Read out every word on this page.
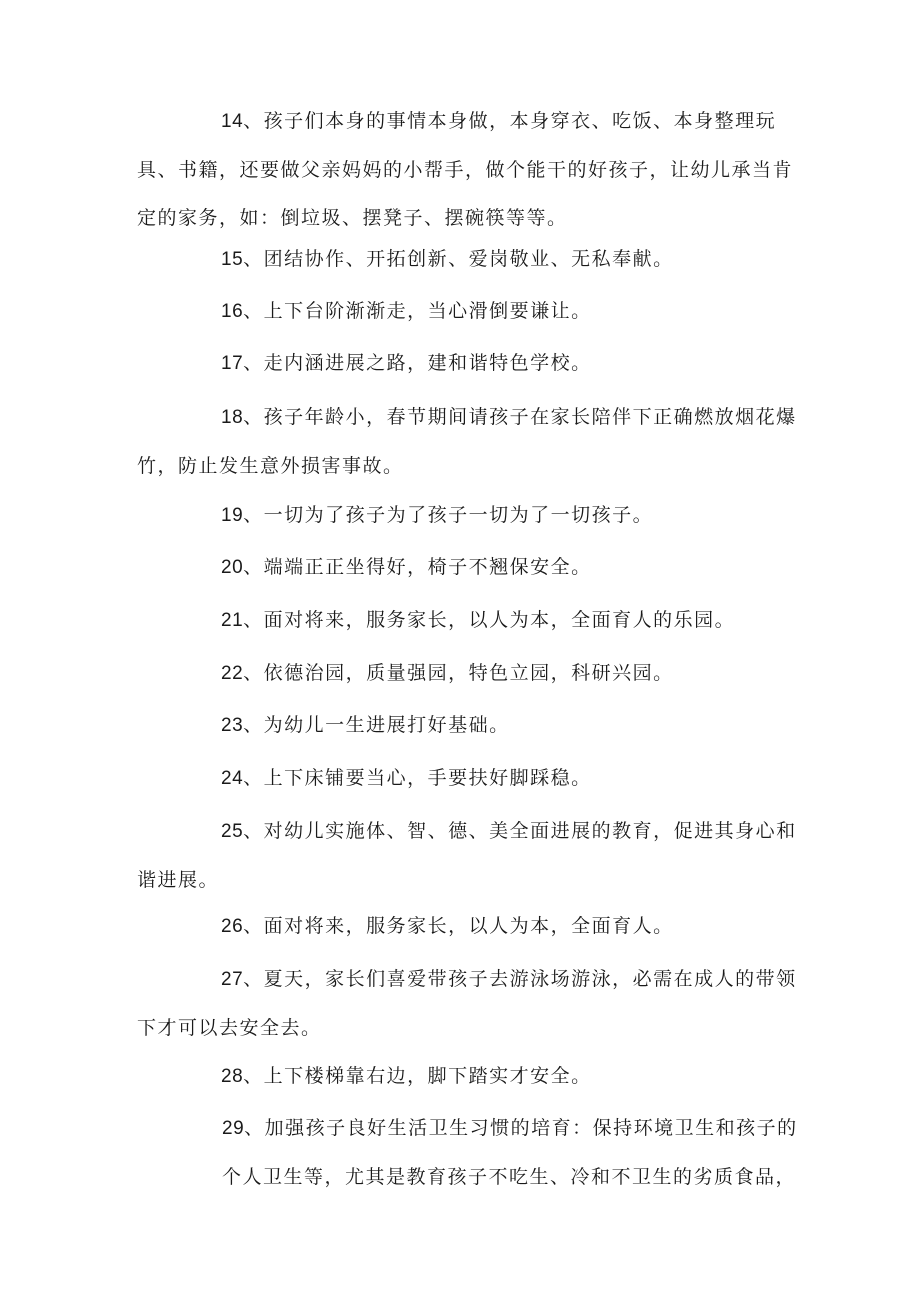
14、孩子们本身的事情本身做，本身穿衣、吃饭、本身整理玩具、书籍，还要做父亲妈妈的小帮手，做个能干的好孩子，让幼儿承当肯定的家务，如：倒垃圾、摆凳子、摆碗筷等等。

15、团结协作、开拓创新、爱岗敬业、无私奉献。

16、上下台阶渐渐走，当心滑倒要谦让。

17、走内涵进展之路，建和谐特色学校。

18、孩子年龄小，春节期间请孩子在家长陪伴下正确燃放烟花爆竹，防止发生意外损害事故。

19、一切为了孩子为了孩子一切为了一切孩子。

20、端端正正坐得好，椅子不翘保安全。

21、面对将来，服务家长，以人为本，全面育人的乐园。

22、依德治园，质量强园，特色立园，科研兴园。

23、为幼儿一生进展打好基础。

24、上下床铺要当心，手要扶好脚踩稳。

25、对幼儿实施体、智、德、美全面进展的教育，促进其身心和谐进展。

26、面对将来，服务家长，以人为本，全面育人。

27、夏天，家长们喜爱带孩子去游泳场游泳，必需在成人的带领下才可以去安全去。

28、上下楼梯靠右边，脚下踏实才安全。

29、加强孩子良好生活卫生习惯的培育：保持环境卫生和孩子的个人卫生等，尤其是教育孩子不吃生、冷和不卫生的劣质食品，
